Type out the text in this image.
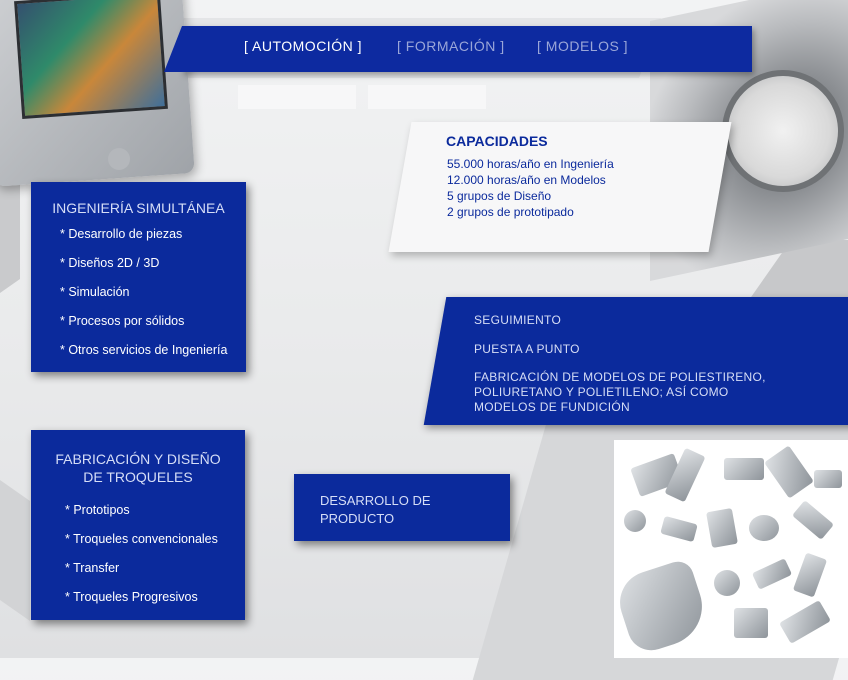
[ AUTOMOCIÓN ]	[ FORMACIÓN ] [ MODELOS ]
CAPACIDADES
55.000 horas/año en Ingeniería
12.000 horas/año en Modelos
5 grupos de Diseño
2 grupos de prototipado
INGENIERÍA SIMULTÁNEA
* Desarrollo de piezas
* Diseños 2D / 3D
* Simulación
* Procesos por sólidos
* Otros servicios de Ingeniería
SEGUIMIENTO
PUESTA A PUNTO
FABRICACIÓN DE MODELOS DE POLIESTIRENO, POLIURETANO Y POLIETILENO; ASÍ COMO MODELOS DE FUNDICIÓN
FABRICACIÓN Y DISEÑO
DE TROQUELES
* Prototipos
* Troqueles convencionales
* Transfer
* Troqueles Progresivos
DESARROLLO DE
PRODUCTO
